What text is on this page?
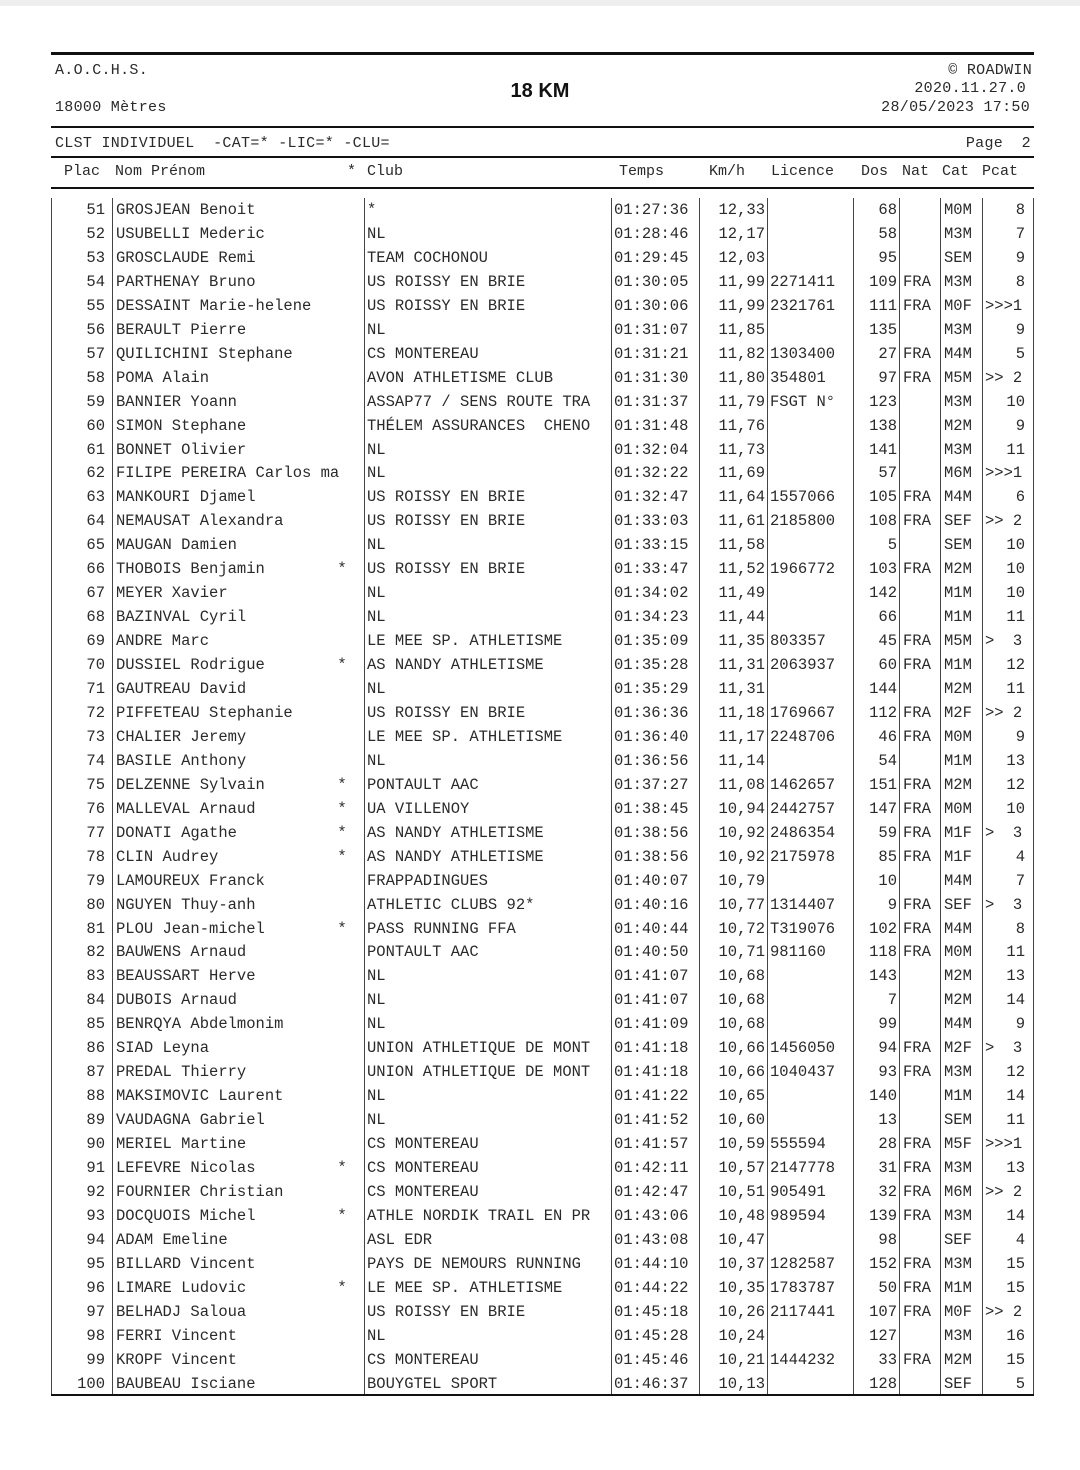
A.O.C.H.S.
18000 Mètres
18 KM
© ROADWIN
2020.11.27.0
28/05/2023 17:50
CLST INDIVIDUEL  -CAT=* -LIC=* -CLU=	Page  2
Plac Nom Prénom	* Club	Temps	Km/h Licence Dos Nat Cat Pcat
51 GROSJEAN Benoit	*	01:27:36	12,33	68	M0M	8
52 USUBELLI Mederic	NL	01:28:46	12,17	58	M3M	7
53 GROSCLAUDE Remi	TEAM COCHONOU	01:29:45	12,03	95	SEM	9
54 PARTHENAY Bruno	US ROISSY EN BRIE	01:30:05	11,99 2271411	109 FRA M3M	8
55 DESSAINT Marie-helene	US ROISSY EN BRIE	01:30:06	11,99 2321761	111 FRA M0F >>>1
56 BERAULT Pierre	NL	01:31:07	11,85	135	M3M	9
57 QUILICHINI Stephane	CS MONTEREAU	01:31:21	11,82 1303400	27 FRA M4M	5
58 POMA Alain	AVON ATHLETISME CLUB	01:31:30	11,80 354801	97 FRA M5M >> 2
59 BANNIER Yoann	ASSAP77 / SENS ROUTE TRA	01:31:37	11,79 FSGT N°	123	M3M	10
60 SIMON Stephane	THÉLEM ASSURANCES  CHENO	01:31:48	11,76	138	M2M	9
61 BONNET Olivier	NL	01:32:04	11,73	141	M3M	11
62 FILIPE PEREIRA Carlos ma	NL	01:32:22	11,69	57	M6M >>>1
63 MANKOURI Djamel	US ROISSY EN BRIE	01:32:47	11,64 1557066	105 FRA M4M	6
64 NEMAUSAT Alexandra	US ROISSY EN BRIE	01:33:03	11,61 2185800	108 FRA SEF >> 2
65 MAUGAN Damien	NL	01:33:15	11,58	5	SEM	10
66 THOBOIS Benjamin	* US ROISSY EN BRIE	01:33:47	11,52 1966772	103 FRA M2M	10
67 MEYER Xavier	NL	01:34:02	11,49	142	M1M	10
68 BAZINVAL Cyril	NL	01:34:23	11,44	66	M1M	11
69 ANDRE Marc	LE MEE SP. ATHLETISME	01:35:09	11,35 803357	45 FRA M5M >  3
70 DUSSIEL Rodrigue	* AS NANDY ATHLETISME	01:35:28	11,31 2063937	60 FRA M1M	12
71 GAUTREAU David	NL	01:35:29	11,31	144	M2M	11
72 PIFFETEAU Stephanie	US ROISSY EN BRIE	01:36:36	11,18 1769667	112 FRA M2F >> 2
73 CHALIER Jeremy	LE MEE SP. ATHLETISME	01:36:40	11,17 2248706	46 FRA M0M	9
74 BASILE Anthony	NL	01:36:56	11,14	54	M1M	13
75 DELZENNE Sylvain	* PONTAULT AAC	01:37:27	11,08 1462657	151 FRA M2M	12
76 MALLEVAL Arnaud	* UA VILLENOY	01:38:45	10,94 2442757	147 FRA M0M	10
77 DONATI Agathe	* AS NANDY ATHLETISME	01:38:56	10,92 2486354	59 FRA M1F >  3
78 CLIN Audrey	* AS NANDY ATHLETISME	01:38:56	10,92 2175978	85 FRA M1F	4
79 LAMOUREUX Franck	FRAPPADINGUES	01:40:07	10,79	10	M4M	7
80 NGUYEN Thuy-anh	ATHLETIC CLUBS 92*	01:40:16	10,77 1314407	9 FRA SEF >  3
81 PLOU Jean-michel	* PASS RUNNING FFA	01:40:44	10,72 T319076	102 FRA M4M	8
82 BAUWENS Arnaud	PONTAULT AAC	01:40:50	10,71 981160	118 FRA M0M	11
83 BEAUSSART Herve	NL	01:41:07	10,68	143	M2M	13
84 DUBOIS Arnaud	NL	01:41:07	10,68	7	M2M	14
85 BENRQYA Abdelmonim	NL	01:41:09	10,68	99	M4M	9
86 SIAD Leyna	UNION ATHLETIQUE DE MONT	01:41:18	10,66 1456050	94 FRA M2F >  3
87 PREDAL Thierry	UNION ATHLETIQUE DE MONT	01:41:18	10,66 1040437	93 FRA M3M	12
88 MAKSIMOVIC Laurent	NL	01:41:22	10,65	140	M1M	14
89 VAUDAGNA Gabriel	NL	01:41:52	10,60	13	SEM	11
90 MERIEL Martine	CS MONTEREAU	01:41:57	10,59 555594	28 FRA M5F >>>1
91 LEFEVRE Nicolas	* CS MONTEREAU	01:42:11	10,57 2147778	31 FRA M3M	13
92 FOURNIER Christian	CS MONTEREAU	01:42:47	10,51 905491	32 FRA M6M >> 2
93 DOCQUOIS Michel	* ATHLE NORDIK TRAIL EN PR	01:43:06	10,48 989594	139 FRA M3M	14
94 ADAM Emeline	ASL EDR	01:43:08	10,47	98	SEF	4
95 BILLARD Vincent	PAYS DE NEMOURS RUNNING	01:44:10	10,37 1282587	152 FRA M3M	15
96 LIMARE Ludovic	* LE MEE SP. ATHLETISME	01:44:22	10,35 1783787	50 FRA M1M	15
97 BELHADJ Saloua	US ROISSY EN BRIE	01:45:18	10,26 2117441	107 FRA M0F >> 2
98 FERRI Vincent	NL	01:45:28	10,24	127	M3M	16
99 KROPF Vincent	CS MONTEREAU	01:45:46	10,21 1444232	33 FRA M2M	15
100 BAUBEAU Isciane	BOUYGTEL SPORT	01:46:37	10,13	128	SEF	5
